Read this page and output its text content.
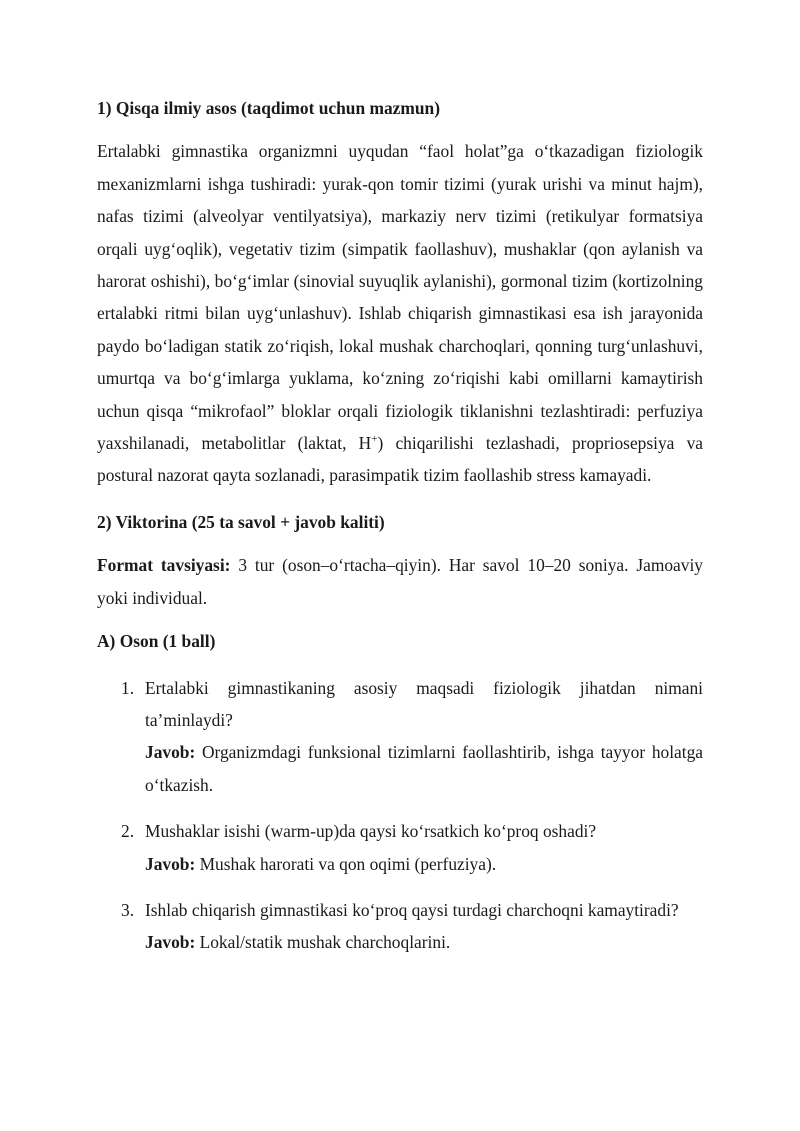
1) Qisqa ilmiy asos (taqdimot uchun mazmun)

Ertalabki gimnastika organizmni uyqudan “faol holat”ga o‘tkazadigan fiziologik mexanizmlarni ishga tushiradi: yurak-qon tomir tizimi (yurak urishi va minut hajm), nafas tizimi (alveolyar ventilyatsiya), markaziy nerv tizimi (retikulyar formatsiya orqali uyg‘oqlik), vegetativ tizim (simpatik faollashuv), mushaklar (qon aylanish va harorat oshishi), bo‘g‘imlar (sinovial suyuqlik aylanishi), gormonal tizim (kortizolning ertalabki ritmi bilan uyg‘unlashuv). Ishlab chiqarish gimnastikasi esa ish jarayonida paydo bo‘ladigan statik zo‘riqish, lokal mushak charchoqlari, qonning turg‘unlashuvi, umurtqa va bo‘g‘imlarga yuklama, ko‘zning zo‘riqishi kabi omillarni kamaytirish uchun qisqa “mikrofaol” bloklar orqali fiziologik tiklanishni tezlashtiradi: perfuziya yaxshilanadi, metabolitlar (laktat, H+) chiqarilishi tezlashadi, propriosepsiya va postural nazorat qayta sozlanadi, parasimpatik tizim faollashib stress kamayadi.

2) Viktorina (25 ta savol + javob kaliti)

Format tavsiyasi: 3 tur (oson–o‘rtacha–qiyin). Har savol 10–20 soniya. Jamoaviy yoki individual.

A) Oson (1 ball)
1. Ertalabki gimnastikaning asosiy maqsadi fiziologik jihatdan nimani ta’minlaydi?
Javob: Organizmdagi funksional tizimlarni faollashtirib, ishga tayyor holatga o‘tkazish.
2. Mushaklar isishi (warm-up)da qaysi ko‘rsatkich ko‘proq oshadi?
Javob: Mushak harorati va qon oqimi (perfuziya).
3. Ishlab chiqarish gimnastikasi ko‘proq qaysi turdagi charchoqni kamaytiradi?
Javob: Lokal/statik mushak charchoqlarini.
